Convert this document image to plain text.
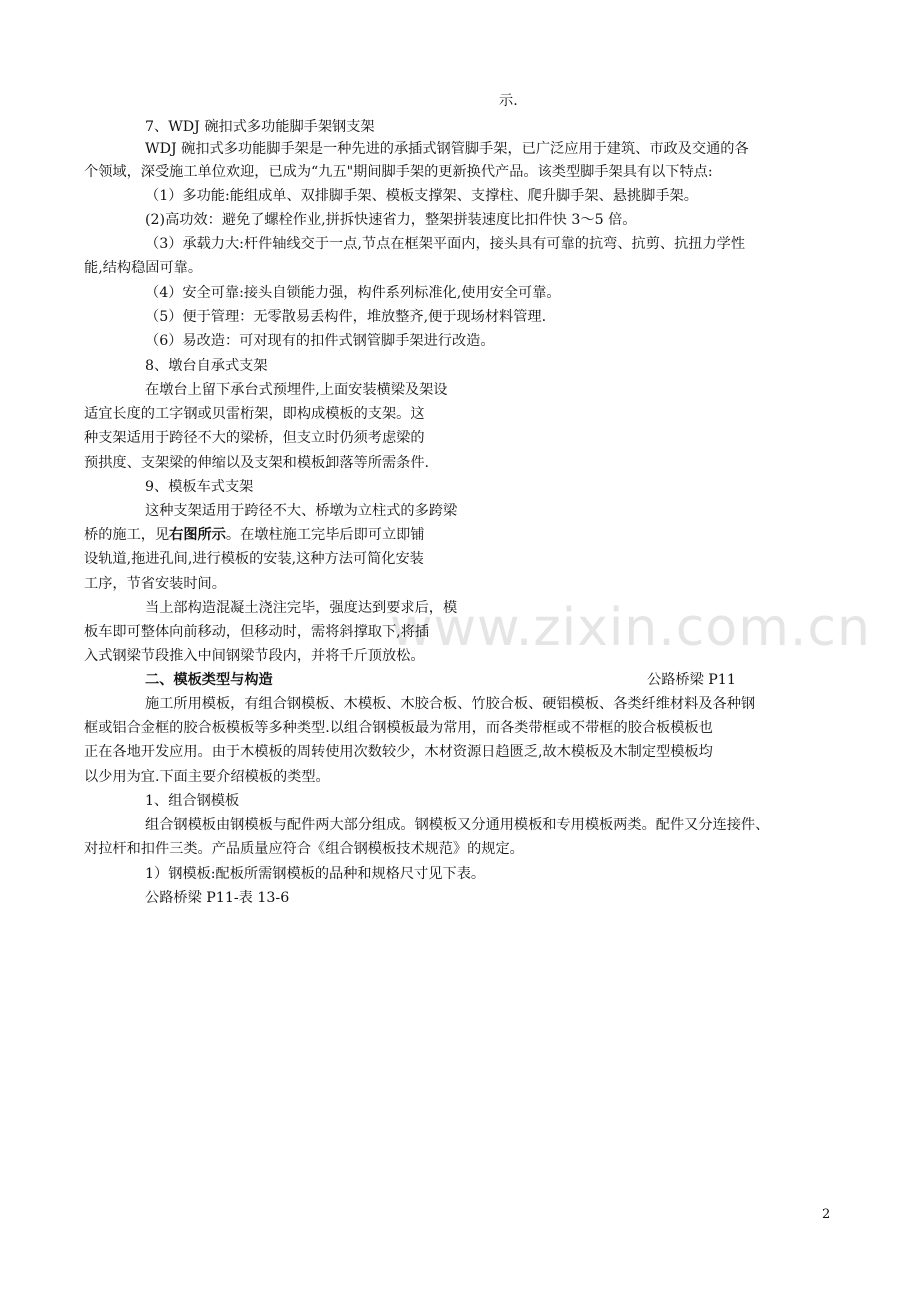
www.zixin.com.cn

示.

7、WDJ 碗扣式多功能脚手架钢支架

WDJ 碗扣式多功能脚手架是一种先进的承插式钢管脚手架，已广泛应用于建筑、市政及交通的各

个领域，深受施工单位欢迎，已成为“九五"期间脚手架的更新换代产品。该类型脚手架具有以下特点:

（1）多功能:能组成单、双排脚手架、模板支撑架、支撑柱、爬升脚手架、悬挑脚手架。

(2)高功效：避免了螺栓作业,拼拆快速省力，整架拼装速度比扣件快 3～5 倍。

（3）承载力大:杆件轴线交于一点,节点在框架平面内，接头具有可靠的抗弯、抗剪、抗扭力学性

能,结构稳固可靠。

（4）安全可靠:接头自锁能力强，构件系列标准化,使用安全可靠。

（5）便于管理：无零散易丢构件，堆放整齐,便于现场材料管理.

（6）易改造：可对现有的扣件式钢管脚手架进行改造。

8、墩台自承式支架

在墩台上留下承台式预埋件,上面安装横梁及架设

适宜长度的工字钢或贝雷桁架，即构成模板的支架。这

种支架适用于跨径不大的梁桥，但支立时仍须考虑梁的

预拱度、支架梁的伸缩以及支架和模板卸落等所需条件.

9、模板车式支架

这种支架适用于跨径不大、桥墩为立柱式的多跨梁

桥的施工，见右图所示。在墩柱施工完毕后即可立即铺

设轨道,拖进孔间,进行模板的安装,这种方法可简化安装

工序，节省安装时间。

当上部构造混凝土浇注完毕，强度达到要求后，模

板车即可整体向前移动，但移动时，需将斜撑取下,将插

入式钢梁节段推入中间钢梁节段内，并将千斤顶放松。

二、模板类型与构造	公路桥梁 P11

施工所用模板，有组合钢模板、木模板、木胶合板、竹胶合板、硬铝模板、各类纤维材料及各种钢

框或铝合金框的胶合板模板等多种类型.以组合钢模板最为常用，而各类带框或不带框的胶合板模板也

正在各地开发应用。由于木模板的周转使用次数较少，木材资源日趋匮乏,故木模板及木制定型模板均

以少用为宜.下面主要介绍模板的类型。

1、组合钢模板

组合钢模板由钢模板与配件两大部分组成。钢模板又分通用模板和专用模板两类。配件又分连接件、

对拉杆和扣件三类。产品质量应符合《组合钢模板技术规范》的规定。

1）钢模板:配板所需钢模板的品种和规格尺寸见下表。

公路桥梁 P11-表 13-6

2
